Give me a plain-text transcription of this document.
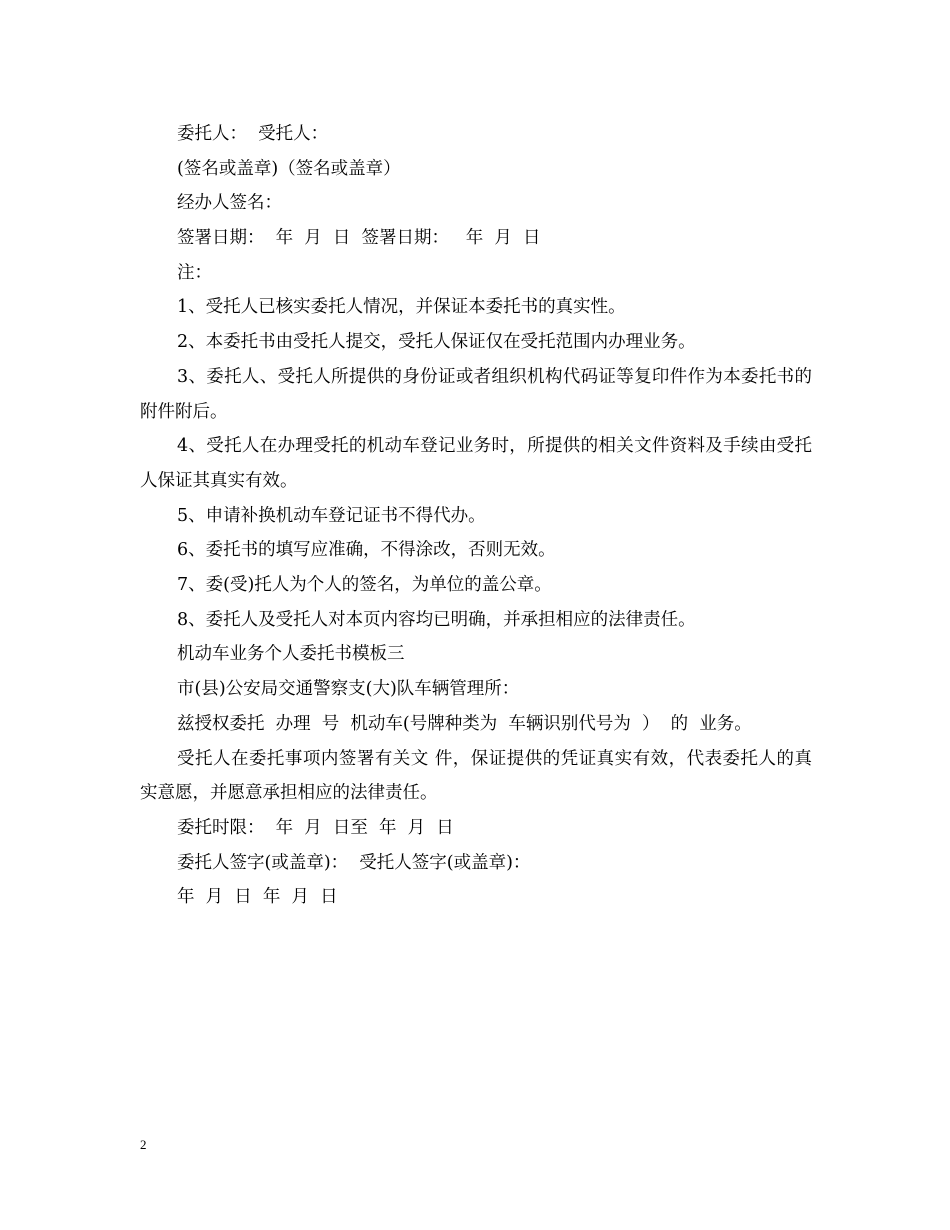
委托人：  受托人：

(签名或盖章)（签名或盖章）

经办人签名：

签署日期：  年  月  日  签署日期：   年  月  日

注：

1、受托人已核实委托人情况，并保证本委托书的真实性。

2、本委托书由受托人提交，受托人保证仅在受托范围内办理业务。

3、委托人、受托人所提供的身份证或者组织机构代码证等复印件作为本委托书的附件附后。

4、受托人在办理受托的机动车登记业务时，所提供的相关文件资料及手续由受托人保证其真实有效。

5、申请补换机动车登记证书不得代办。

6、委托书的填写应准确，不得涂改，否则无效。

7、委(受)托人为个人的签名，为单位的盖公章。

8、委托人及受托人对本页内容均已明确，并承担相应的法律责任。

机动车业务个人委托书模板三

市(县)公安局交通警察支(大)队车辆管理所：

兹授权委托  办理  号  机动车(号牌种类为  车辆识别代号为  ）  的  业务。

受托人在委托事项内签署有关文 件，保证提供的凭证真实有效，代表委托人的真实意愿，并愿意承担相应的法律责任。

委托时限：  年  月  日至  年  月  日

委托人签字(或盖章)：  受托人签字(或盖章)：

年  月  日  年  月  日

2
